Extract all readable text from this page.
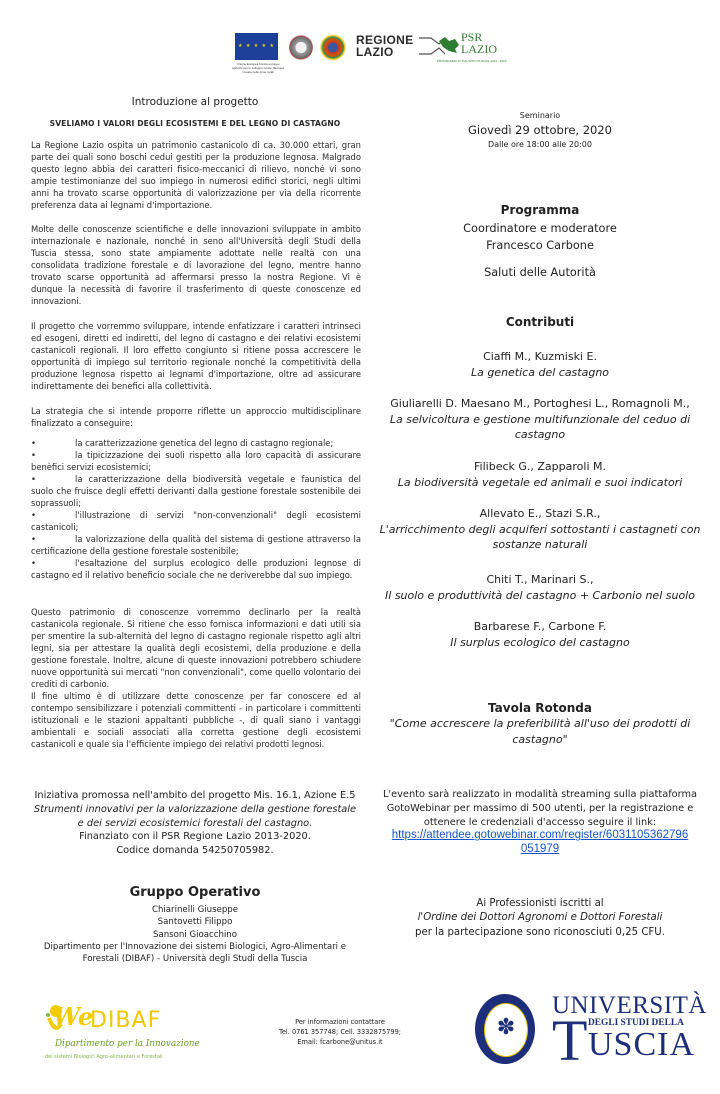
★ ★ ★ ★ ★
Unione Europea Fondo europeo agricolo per lo sviluppo rurale: l'Europa investe nelle zone rurali
REGIONE
LAZIO
PSR
LAZIO
PROGRAMMA DI SVILUPPO RURALE 2014 - 2020
Introduzione al progetto
SVELIAMO I VALORI DEGLI ECOSISTEMI E DEL LEGNO DI CASTAGNO
La Regione Lazio ospita un patrimonio castanicolo di ca. 30.000 ettari, gran parte dei quali sono boschi cedui gestiti per la produzione legnosa. Malgrado questo legno abbia dei caratteri fisico-meccanici di rilievo, nonché vi sono ampie testimonianze del suo impiego in numerosi edifici storici, negli ultimi anni ha trovato scarse opportunità di valorizzazione per via della ricorrente preferenza data ai legnami d'importazione.
Molte delle conoscenze scientifiche e delle innovazioni sviluppate in ambito internazionale e nazionale, nonché in seno all'Università degli Studi della Tuscia stessa, sono state ampiamente adottate nelle realtà con una consolidata tradizione forestale e di lavorazione del legno, mentre hanno trovato scarse opportunità ad affermarsi presso la nostra Regione. Vi è dunque la necessità di favorire il trasferimento di queste conoscenze ed innovazioni.
Il progetto che vorremmo sviluppare, intende enfatizzare i caratteri intrinseci ed esogeni, diretti ed indiretti, del legno di castagno e dei relativi ecosistemi castanicoli regionali. Il loro effetto congiunto si ritiene possa accrescere le opportunità di impiego sul territorio regionale nonché la competitività della produzione legnosa rispetto ai legnami d'importazione, oltre ad assicurare indirettamente dei benefici alla collettività.
La strategia che si intende proporre riflette un approccio multidisciplinare finalizzato a conseguire:
•	la caratterizzazione genetica del legno di castagno regionale;
•	la tipicizzazione dei suoli rispetto alla loro capacità di assicurare benèfici servizi ecosistemici;
•	la caratterizzazione della biodiversità vegetale e faunistica del suolo che fruisce degli effetti derivanti dalla gestione forestale sostenibile dei soprassuoli;
•	l'illustrazione di servizi "non-convenzionali" degli ecosistemi castanicoli;
•	la valorizzazione della qualità del sistema di gestione attraverso la certificazione della gestione forestale sostenibile;
•	l'esaltazione del surplus ecologico delle produzioni legnose di castagno ed il relativo beneficio sociale che ne deriverebbe dal suo impiego.
Questo patrimonio di conoscenze vorremmo declinarlo per la realtà castanicola regionale. Si ritiene che esso fornisca informazioni e dati utili sia per smentire la sub-alternità del legno di castagno regionale rispetto agli altri legni, sia per attestare la qualità degli ecosistemi, della produzione e della gestione forestale. Inoltre, alcune di queste innovazioni potrebbero schiudere nuove opportunità sui mercati "non convenzionali", come quello volontario dei crediti di carbonio.
Il fine ultimo è di utilizzare dette conoscenze per far conoscere ed al contempo sensibilizzare i potenziali committenti - in particolare i committenti istituzionali e le stazioni appaltanti pubbliche -, di quali siano i vantaggi ambientali e sociali associati alla corretta gestione degli ecosistemi castanicoli e quale sia l'efficiente impiego dei relativi prodotti legnosi.
Iniziativa promossa nell'ambito del progetto Mis. 16.1, Azione E.5
Strumenti innovativi per la valorizzazione della gestione forestale e dei servizi ecosistemici forestali del castagno.
Finanziato con il PSR Regione Lazio 2013-2020.
Codice domanda 54250705982.
Gruppo Operativo
Chiarinelli Giuseppe
Santovetti Filippo
Sansoni Gioacchino
Dipartimento per l'Innovazione dei sistemi Biologici, Agro-Alimentari e Forestali (DIBAF) - Università degli Studi della Tuscia
Seminario
Giovedì 29 ottobre, 2020
Dalle ore 18:00 alle 20:00
Programma
Coordinatore e moderatore
Francesco Carbone
Saluti delle Autorità
Contributi
Ciaffi M., Kuzmiski E.
La genetica del castagno
Giuliarelli D. Maesano M., Portoghesi L., Romagnoli M.,
La selvicoltura e gestione multifunzionale del ceduo di castagno
Filibeck G., Zapparoli M.
La biodiversità vegetale ed animali e suoi indicatori
Allevato E., Stazi S.R.,
L'arricchimento degli acquiferi sottostanti i castagneti con sostanze naturali
Chiti T., Marinari S.,
Il suolo e produttività del castagno + Carbonio nel suolo
Barbarese F., Carbone F.
Il surplus ecologico del castagno
Tavola Rotonda
"Come accrescere la preferibilità all'uso dei prodotti di castagno"
L'evento sarà realizzato in modalità streaming sulla piattaforma GotoWebinar per massimo di 500 utenti, per la registrazione e ottenere le credenziali d'accesso seguire il link:
https://attendee.gotowebinar.com/register/6031105362796
051979
Ai Professionisti iscritti al
l'Ordine dei Dottori Agronomi e Dottori Forestali
per la partecipazione sono riconosciuti 0,25 CFU.
We
DIBAF
Dipartimento per la Innovazione
dei sistemi Biologici Agro-alimentari e Forestali
Per informazioni contattare
Tel. 0761 357748; Cell. 3332875799;
Email: fcarbone@unitus.it
✽
UNIVERSITÀ
T DEGLI STUDI DELLA
USCIA
